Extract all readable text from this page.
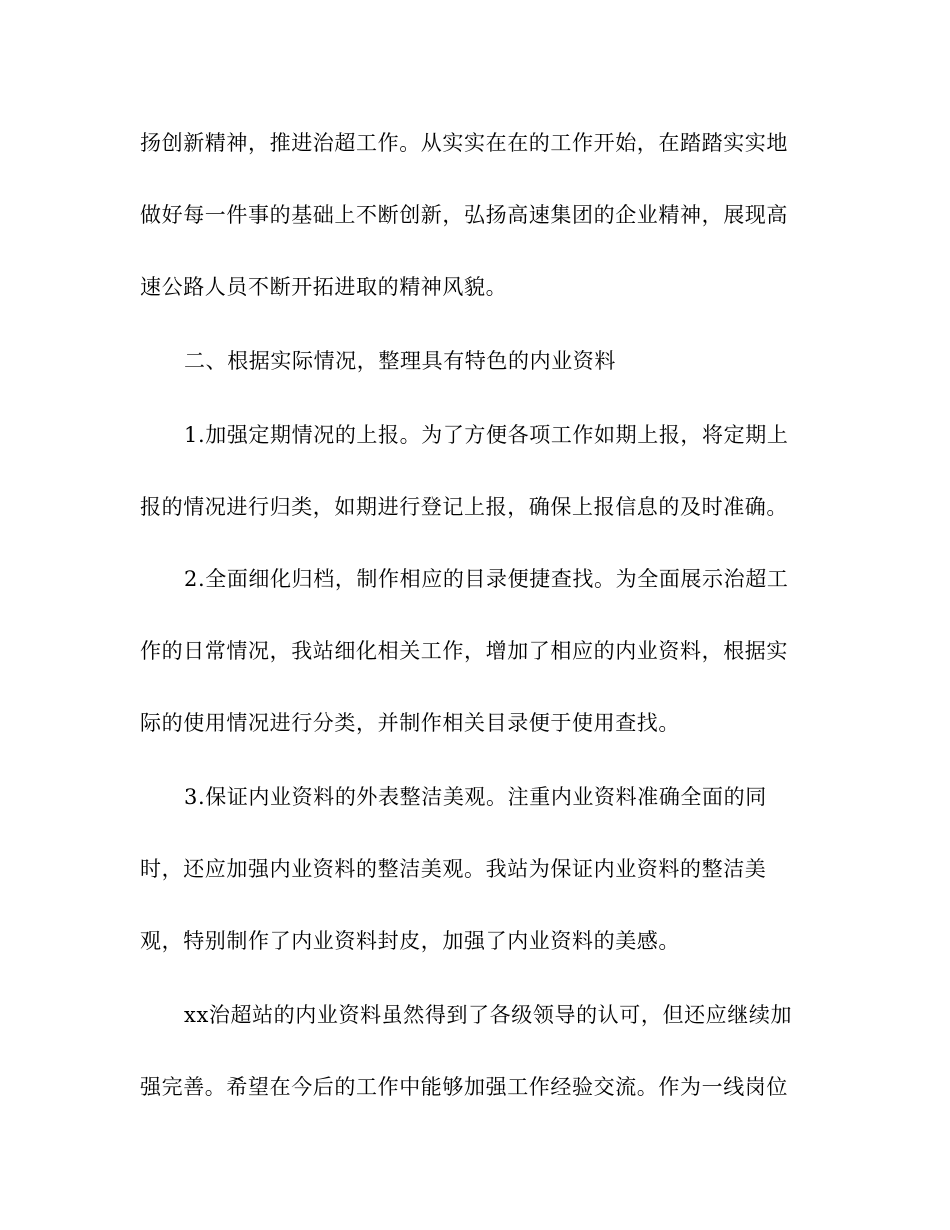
扬创新精神，推进治超工作。从实实在在的工作开始，在踏踏实实地
做好每一件事的基础上不断创新，弘扬高速集团的企业精神，展现高
速公路人员不断开拓进取的精神风貌。
二、根据实际情况，整理具有特色的内业资料
1.加强定期情况的上报。为了方便各项工作如期上报，将定期上
报的情况进行归类，如期进行登记上报，确保上报信息的及时准确。
2.全面细化归档，制作相应的目录便捷查找。为全面展示治超工
作的日常情况，我站细化相关工作，增加了相应的内业资料，根据实
际的使用情况进行分类，并制作相关目录便于使用查找。
3.保证内业资料的外表整洁美观。注重内业资料准确全面的同
时，还应加强内业资料的整洁美观。我站为保证内业资料的整洁美
观，特别制作了内业资料封皮，加强了内业资料的美感。
xx治超站的内业资料虽然得到了各级领导的认可，但还应继续加
强完善。希望在今后的工作中能够加强工作经验交流。作为一线岗位
